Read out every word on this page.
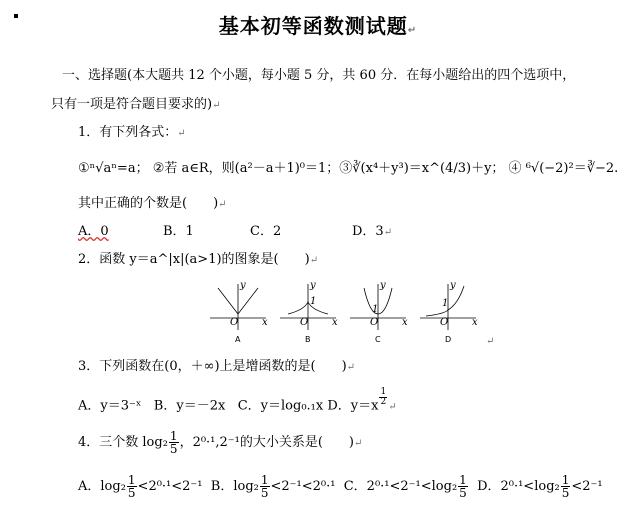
基本初等函数测试题↵
一、选择题(本大题共 12 个小题，每小题 5 分，共 60 分．在每小题给出的四个选项中，
只有一项是符合题目要求的)↵
1．有下列各式：↵
①ⁿ√aⁿ=a； ②若 a∈R，则(a²－a＋1)⁰＝1；③∛(x⁴＋y³)＝x^(4/3)＋y； ④ ⁶√(−2)²＝∛−2.
其中正确的个数是(　　)↵
A．0	B．1	C．2	D．3↵
2．函数 y＝a^|x|(a>1)的图象是(　　)↵
y
O x
y
1
O x
y
1
O x
y
1
O x
A	B	C	D	↵
3．下列函数在(0，＋∞)上是增函数的是(　　)↵
A．y＝3⁻ˣ B．y＝－2x C．y＝log₀.₁x D．$y=x \frac{1}{2}$ ↵
4．三个数 $\log_2 \frac{1}{5}$ ，2⁰·¹,2⁻¹的大小关系是(　　)↵
A．$\log_2 \frac{1}{5} <2^0\cdot^1<2^{-1}$ B．$\log_2 \frac{1}{5} <2^{-1}<2^0\cdot^1$ C．$2^0\cdot^1<2^{-1}<\log_2 \frac{1}{5}$ D．$2^0\cdot^1<\log_2 \frac{1}{5} <2^{-1}$
